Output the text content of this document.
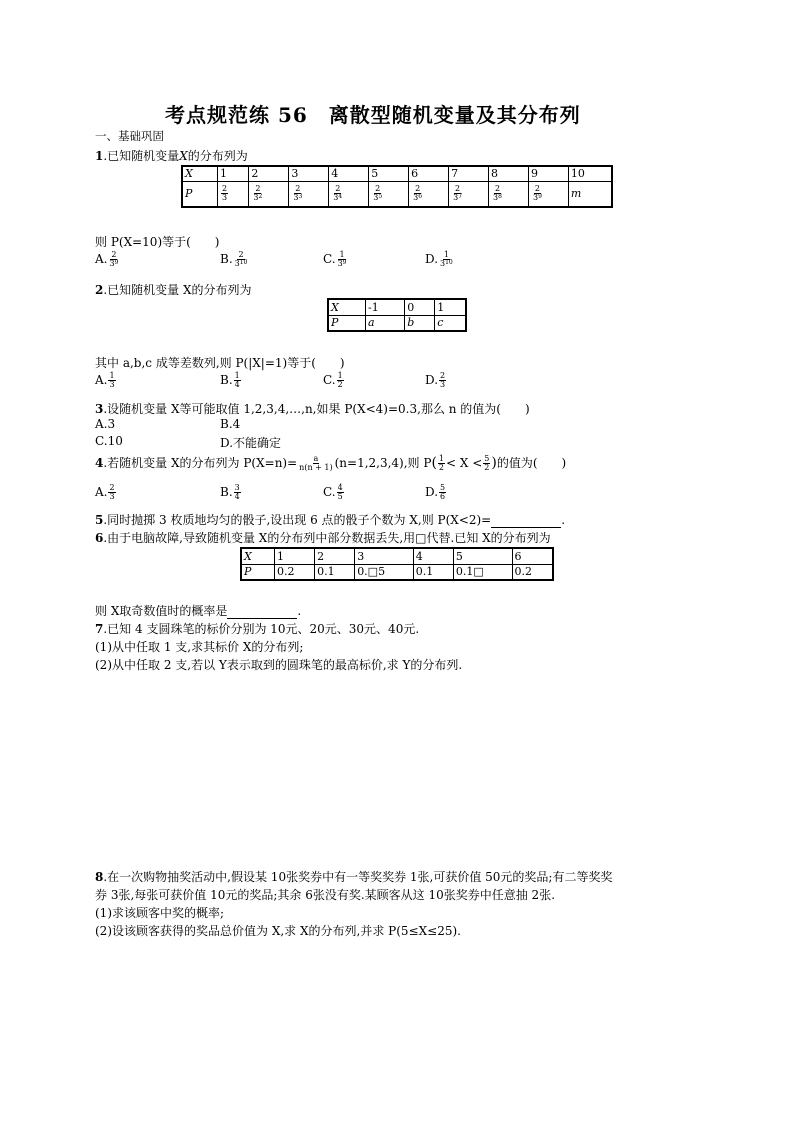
考点规范练 56　离散型随机变量及其分布列
一、基础巩固
1.已知随机变量X的分布列为
X	1	2	3	4	5	6	7	8	9	10
P	$\frac{2}{3}$	$\frac{2}{3^2}$	$\frac{2}{3^3}$	$\frac{2}{3^4}$	$\frac{2}{3^5}$	$\frac{2}{3^6}$	$\frac{2}{3^7}$	$\frac{2}{3^8}$	$\frac{2}{3^9}$	m
则 P(X=10)等于(　　)
A. $\frac{2}{3^9}$	B. $\frac{2}{3^{10}}$	C. $\frac{1}{3^9}$	D. $\frac{1}{3^{10}}$
2.已知随机变量 X的分布列为
X	-1	0	1
P	a	b	c
其中 a,b,c 成等差数列,则 P(|X|=1)等于(　　)
A. $\frac{1}{3}$	B. $\frac{1}{4}$	C. $\frac{1}{2}$	D. $\frac{2}{3}$
3.设随机变量 X等可能取值 1,2,3,4,…,n,如果 P(X<4)=0.3,那么 n 的值为(　　)
A.3	B.4
C.10	D.不能确定
4.若随机变量 X的分布列为 $P(X=n)= \frac{a}{n(n + 1)} (n=1,2,3,4)$,则 $P( \frac{1}{2} < X < \frac{5}{2}$ )的值为(　　)
A. $\frac{2}{3}$	B. $\frac{3}{4}$	C. $\frac{4}{5}$	D. $\frac{5}{6}$
5.同时抛掷 3 枚质地均匀的骰子,设出现 6 点的骰子个数为 X,则 P(X<2)=	.
6.由于电脑故障,导致随机变量 X的分布列中部分数据丢失,用□代替.已知 X的分布列为
X	1	2	3	4	5	6
P	0.2	0.1	0.□5	0.1	0.1□	0.2
则 X取奇数值时的概率是	.
7.已知 4 支圆珠笔的标价分别为 10元、20元、30元、40元.
(1)从中任取 1 支,求其标价 X的分布列;
(2)从中任取 2 支,若以 Y表示取到的圆珠笔的最高标价,求 Y的分布列.
8.在一次购物抽奖活动中,假设某 10张奖券中有一等奖奖券 1张,可获价值 50元的奖品;有二等奖奖
券 3张,每张可获价值 10元的奖品;其余 6张没有奖.某顾客从这 10张奖券中任意抽 2张.
(1)求该顾客中奖的概率;
(2)设该顾客获得的奖品总价值为 X,求 X的分布列,并求 P(5≤X≤25).
